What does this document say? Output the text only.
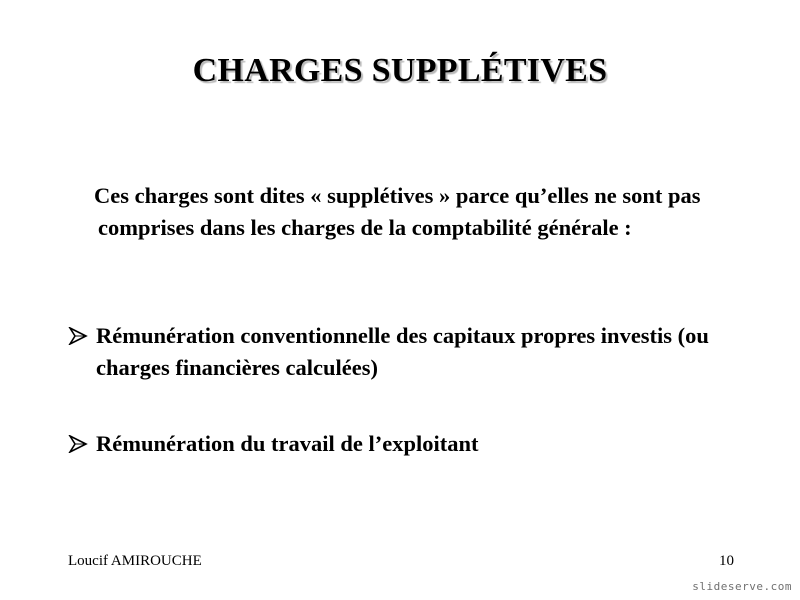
CHARGES SUPPLÉTIVES

Ces charges sont dites « supplétives » parce qu’elles ne sont pas comprises dans les charges de la comptabilité générale :

Rémunération conventionnelle des capitaux propres investis (ou charges financières calculées)
Rémunération du travail de l’exploitant
Loucif AMIROUCHE	10
slideserve.com
